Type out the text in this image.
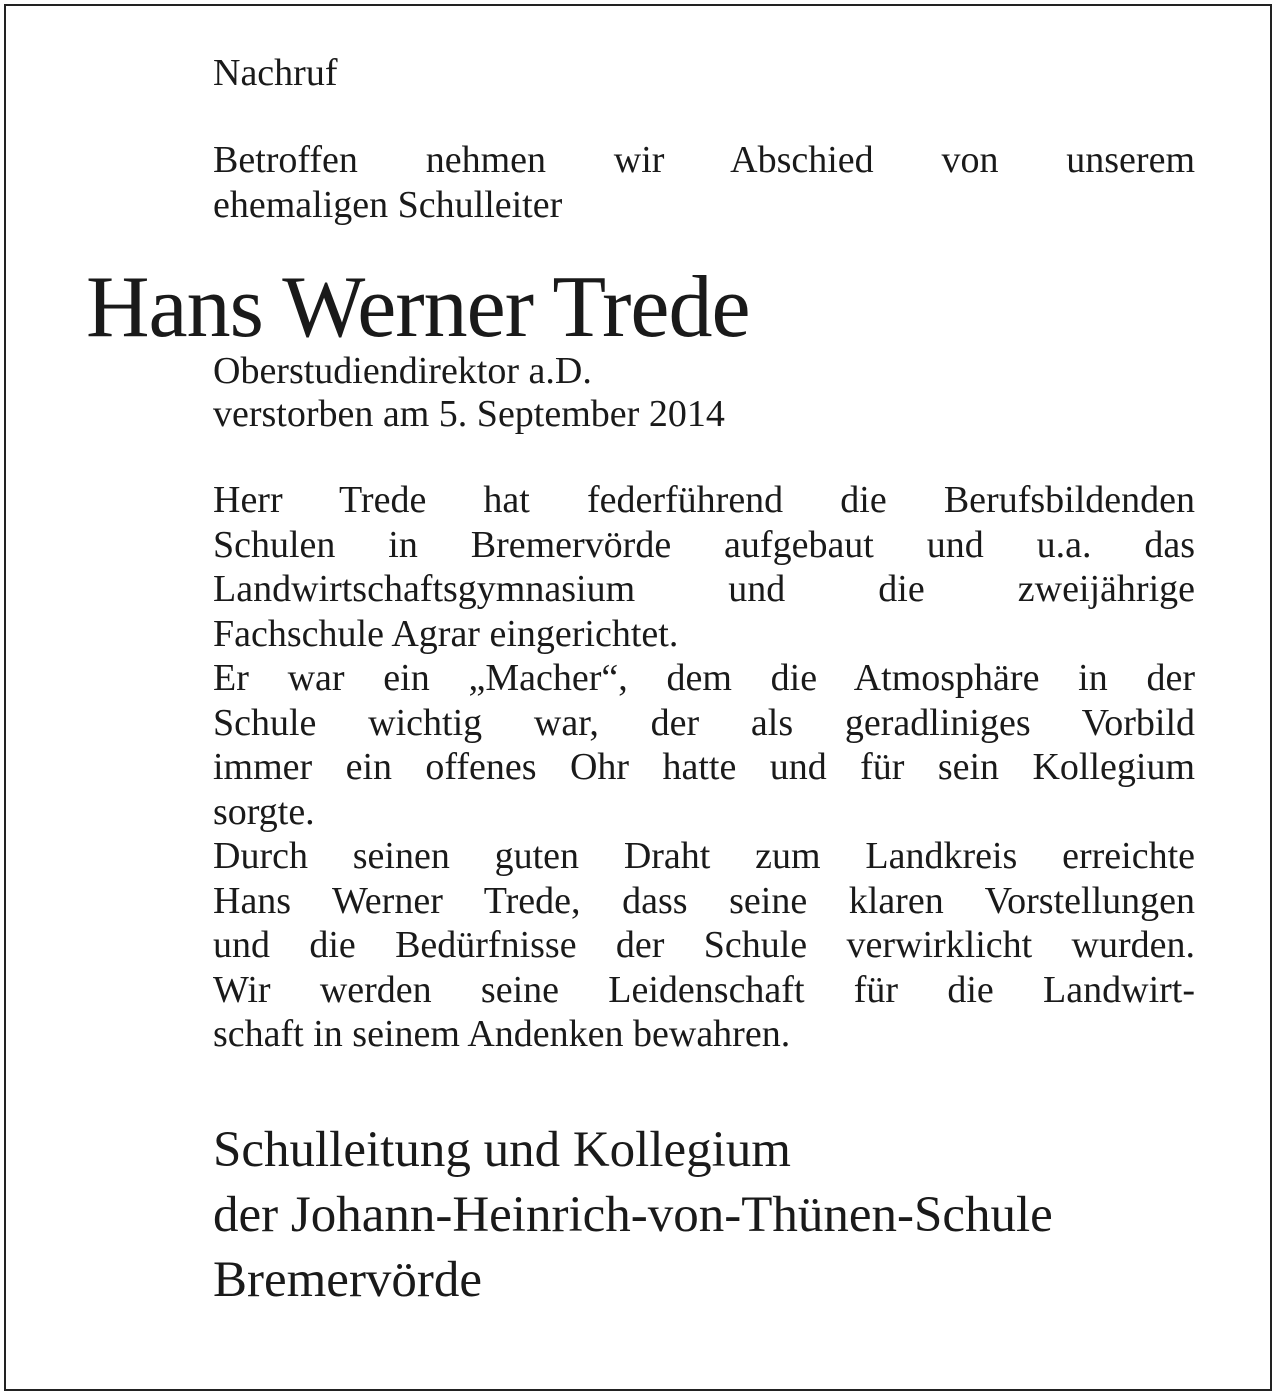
Nachruf
Betroffen nehmen wir Abschied von unserem
ehemaligen Schulleiter
Hans Werner Trede
Oberstudiendirektor a.D.
verstorben am 5. September 2014
Herr Trede hat federführend die Berufsbildenden
Schulen in Bremervörde aufgebaut und u.a. das
Landwirtschaftsgymnasium und die zweijährige
Fachschule Agrar eingerichtet.
Er war ein „Macher“, dem die Atmosphäre in der
Schule wichtig war, der als geradliniges Vorbild
immer ein offenes Ohr hatte und für sein Kollegium
sorgte.
Durch seinen guten Draht zum Landkreis erreichte
Hans Werner Trede, dass seine klaren Vorstellungen
und die Bedürfnisse der Schule verwirklicht wurden.
Wir werden seine Leidenschaft für die Landwirt-
schaft in seinem Andenken bewahren.
Schulleitung und Kollegium
der Johann-Heinrich-von-Thünen-Schule
Bremervörde
